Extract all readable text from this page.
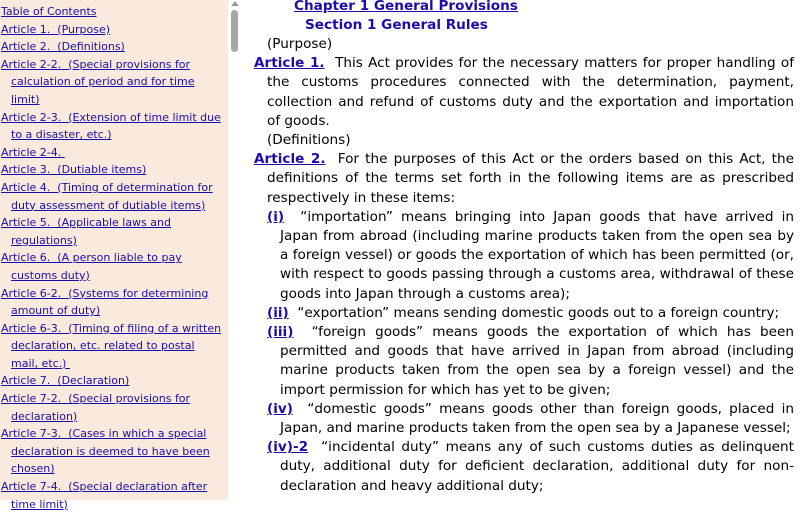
Table of Contents
Article 1.  (Purpose)
Article 2.  (Definitions)
Article 2-2.  (Special provisions for calculation of period and for time limit)
Article 2-3.  (Extension of time limit due to a disaster, etc.)
Article 2-4.
Article 3.  (Dutiable items)
Article 4.  (Timing of determination for duty assessment of dutiable items)
Article 5.  (Applicable laws and regulations)
Article 6.  (A person liable to pay customs duty)
Article 6-2.  (Systems for determining amount of duty)
Article 6-3.  (Timing of filing of a written declaration, etc. related to postal mail, etc.)
Article 7.  (Declaration)
Article 7-2.  (Special provisions for declaration)
Article 7-3.  (Cases in which a special declaration is deemed to have been chosen)
Article 7-4.  (Special declaration after time limit)
Chapter 1 General Provisions
Section 1 General Rules
(Purpose)
Article 1.  This Act provides for the necessary matters for proper handling of the customs procedures connected with the determination, payment, collection and refund of customs duty and the exportation and importation of goods.
(Definitions)
Article 2.  For the purposes of this Act or the orders based on this Act, the definitions of the terms set forth in the following items are as prescribed respectively in these items:
(i)  “importation” means bringing into Japan goods that have arrived in Japan from abroad (including marine products taken from the open sea by a foreign vessel) or goods the exportation of which has been permitted (or, with respect to goods passing through a customs area, withdrawal of these goods into Japan through a customs area);
(ii)  “exportation” means sending domestic goods out to a foreign country;
(iii)  “foreign goods” means goods the exportation of which has been permitted and goods that have arrived in Japan from abroad (including marine products taken from the open sea by a foreign vessel) and the import permission for which has yet to be given;
(iv)  “domestic goods” means goods other than foreign goods, placed in Japan, and marine products taken from the open sea by a Japanese vessel;
(iv)-2  “incidental duty” means any of such customs duties as delinquent duty, additional duty for deficient declaration, additional duty for non-declaration and heavy additional duty;
